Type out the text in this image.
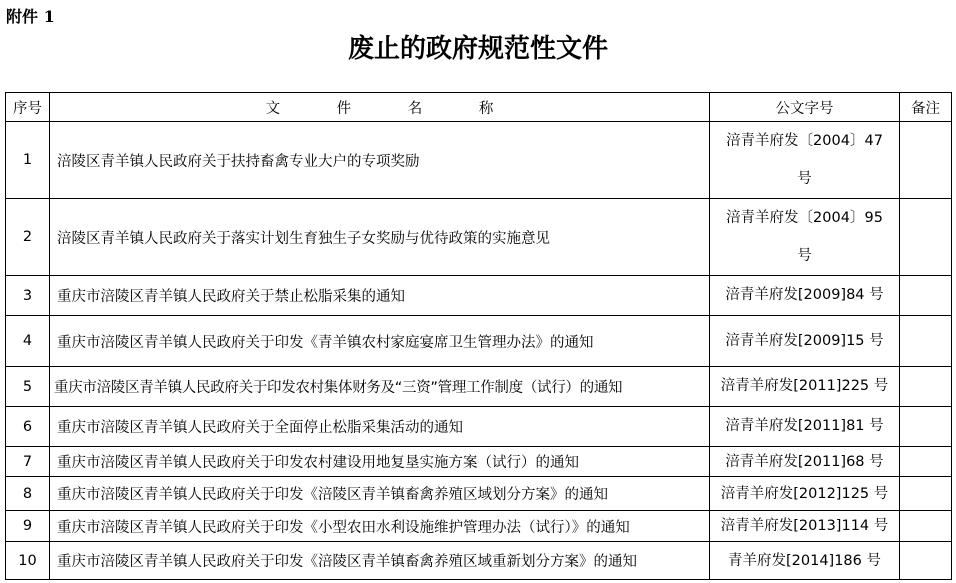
附件 1
废止的政府规范性文件
序号	文 件 名 称	公文字号	备注
1	涪陵区青羊镇人民政府关于扶持畜禽专业大户的专项奖励	涪青羊府发〔2004〕47号	
2	涪陵区青羊镇人民政府关于落实计划生育独生子女奖励与优待政策的实施意见	涪青羊府发〔2004〕95号	
3	重庆市涪陵区青羊镇人民政府关于禁止松脂采集的通知	涪青羊府发[2009]84 号	
4	重庆市涪陵区青羊镇人民政府关于印发《青羊镇农村家庭宴席卫生管理办法》的通知	涪青羊府发[2009]15 号	
5	重庆市涪陵区青羊镇人民政府关于印发农村集体财务及“三资”管理工作制度（试行）的通知	涪青羊府发[2011]225 号	
6	重庆市涪陵区青羊镇人民政府关于全面停止松脂采集活动的通知	涪青羊府发[2011]81 号	
7	重庆市涪陵区青羊镇人民政府关于印发农村建设用地复垦实施方案（试行）的通知	涪青羊府发[2011]68 号	
8	重庆市涪陵区青羊镇人民政府关于印发《涪陵区青羊镇畜禽养殖区域划分方案》的通知	涪青羊府发[2012]125 号	
9	重庆市涪陵区青羊镇人民政府关于印发《小型农田水利设施维护管理办法（试行）》的通知	涪青羊府发[2013]114 号	
10	重庆市涪陵区青羊镇人民政府关于印发《涪陵区青羊镇畜禽养殖区域重新划分方案》的通知	青羊府发[2014]186 号	
